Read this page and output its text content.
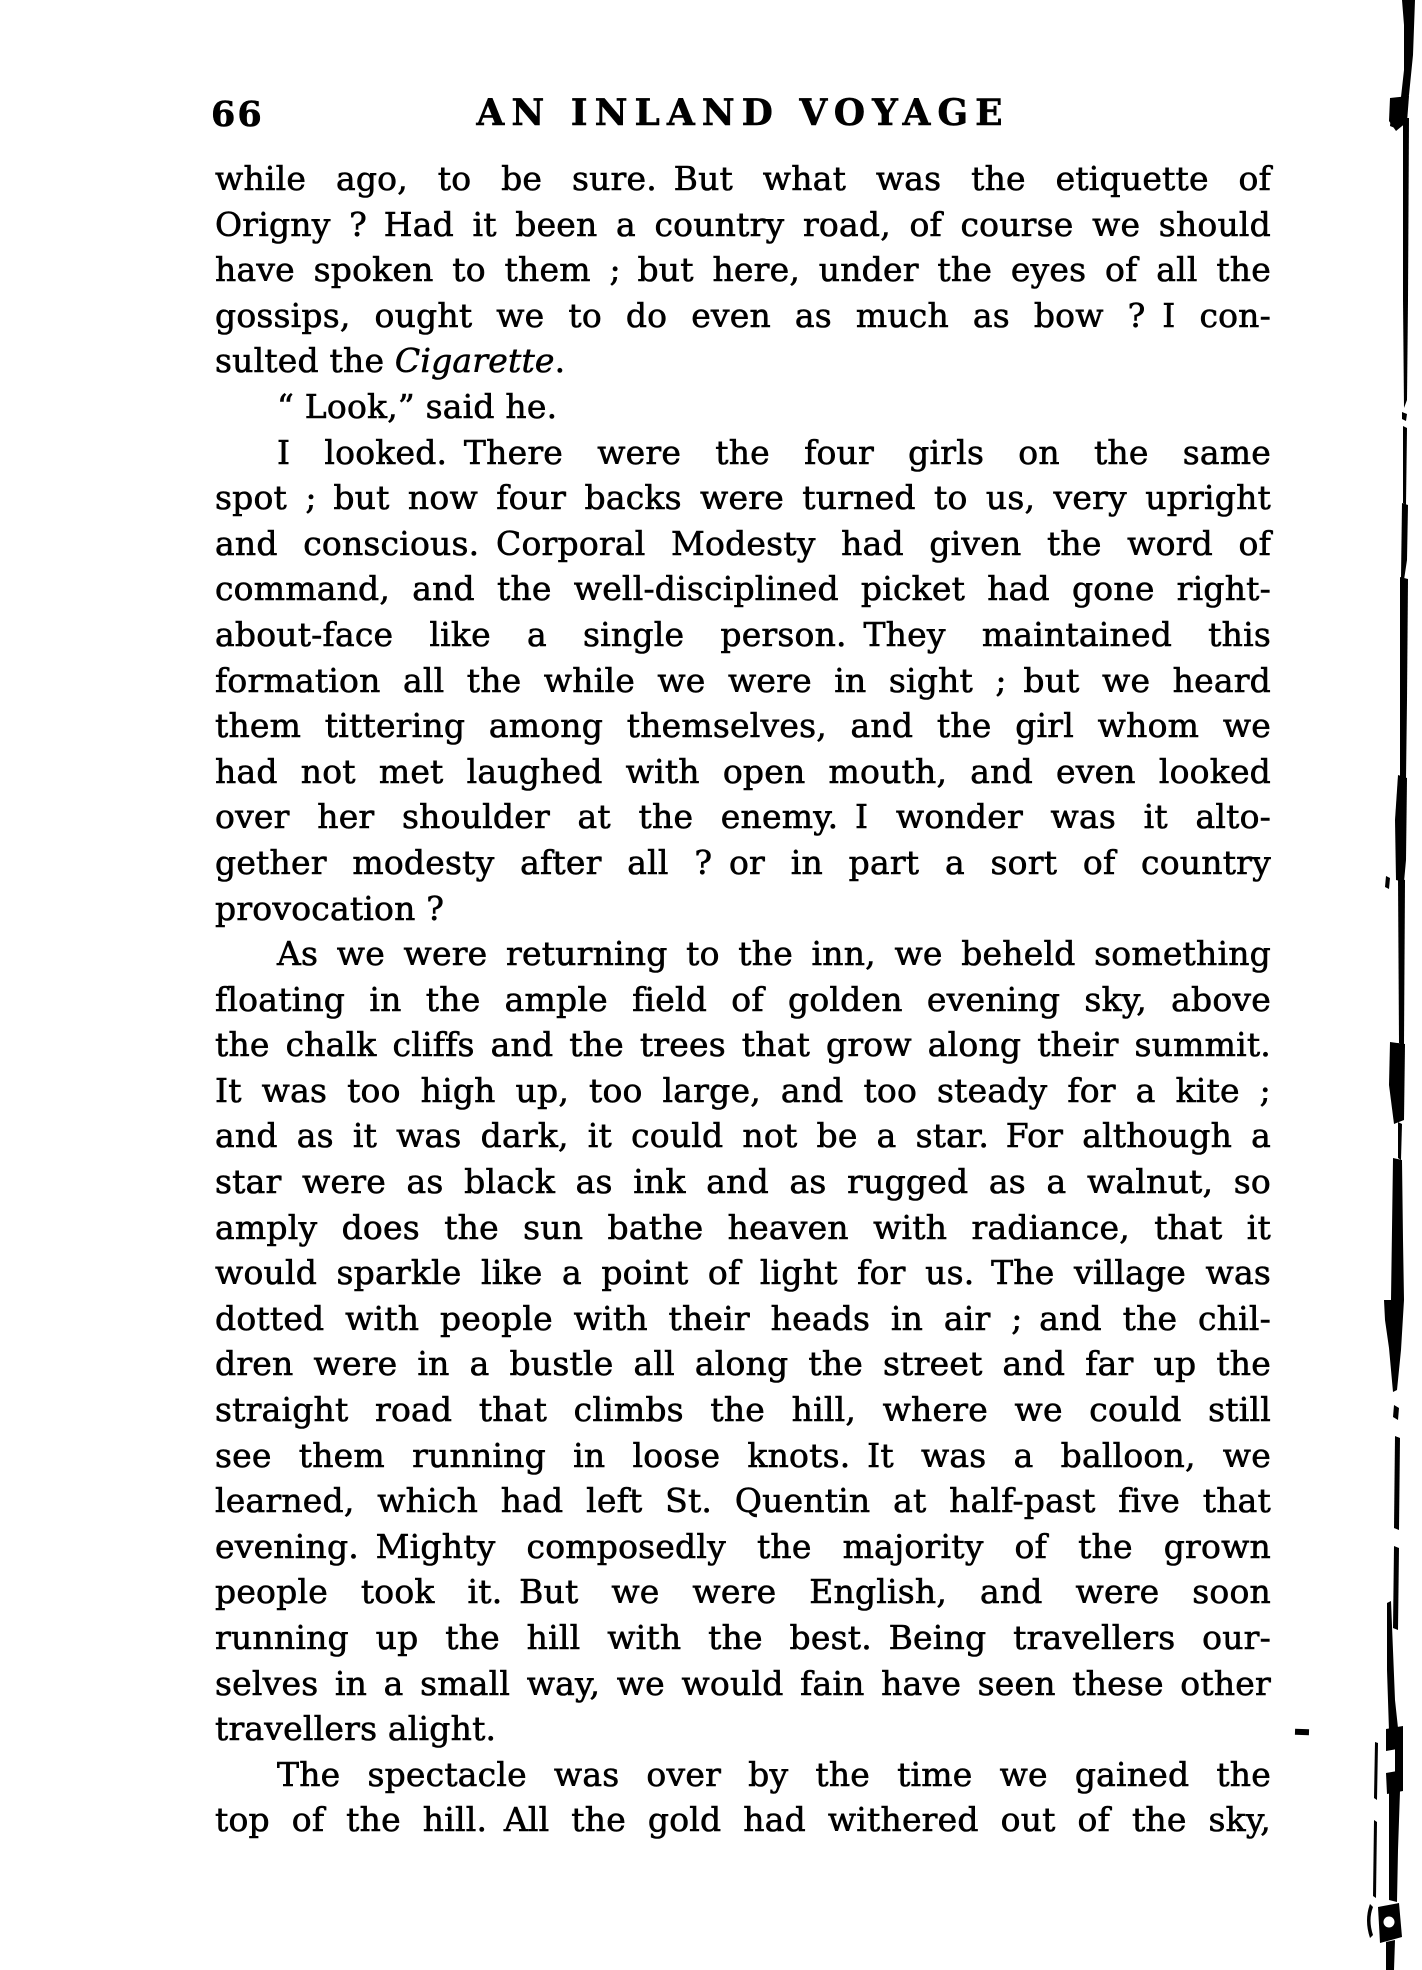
66	AN INLAND VOYAGE
while ago, to be sure. But what was the etiquette of
Origny ? Had it been a country road, of course we should
have spoken to them ; but here, under the eyes of all the
gossips, ought we to do even as much as bow ? I con-
sulted the Cigarette.
“ Look,” said he.
I looked. There were the four girls on the same
spot ; but now four backs were turned to us, very upright
and conscious. Corporal Modesty had given the word of
command, and the well-disciplined picket had gone right-
about-face like a single person. They maintained this
formation all the while we were in sight ; but we heard
them tittering among themselves, and the girl whom we
had not met laughed with open mouth, and even looked
over her shoulder at the enemy. I wonder was it alto-
gether modesty after all ? or in part a sort of country
provocation ?
As we were returning to the inn, we beheld something
floating in the ample field of golden evening sky, above
the chalk cliffs and the trees that grow along their summit.
It was too high up, too large, and too steady for a kite ;
and as it was dark, it could not be a star. For although a
star were as black as ink and as rugged as a walnut, so
amply does the sun bathe heaven with radiance, that it
would sparkle like a point of light for us. The village was
dotted with people with their heads in air ; and the chil-
dren were in a bustle all along the street and far up the
straight road that climbs the hill, where we could still
see them running in loose knots. It was a balloon, we
learned, which had left St. Quentin at half-past five that
evening. Mighty composedly the majority of the grown
people took it. But we were English, and were soon
running up the hill with the best. Being travellers our-
selves in a small way, we would fain have seen these other
travellers alight.
The spectacle was over by the time we gained the
top of the hill. All the gold had withered out of the sky,
